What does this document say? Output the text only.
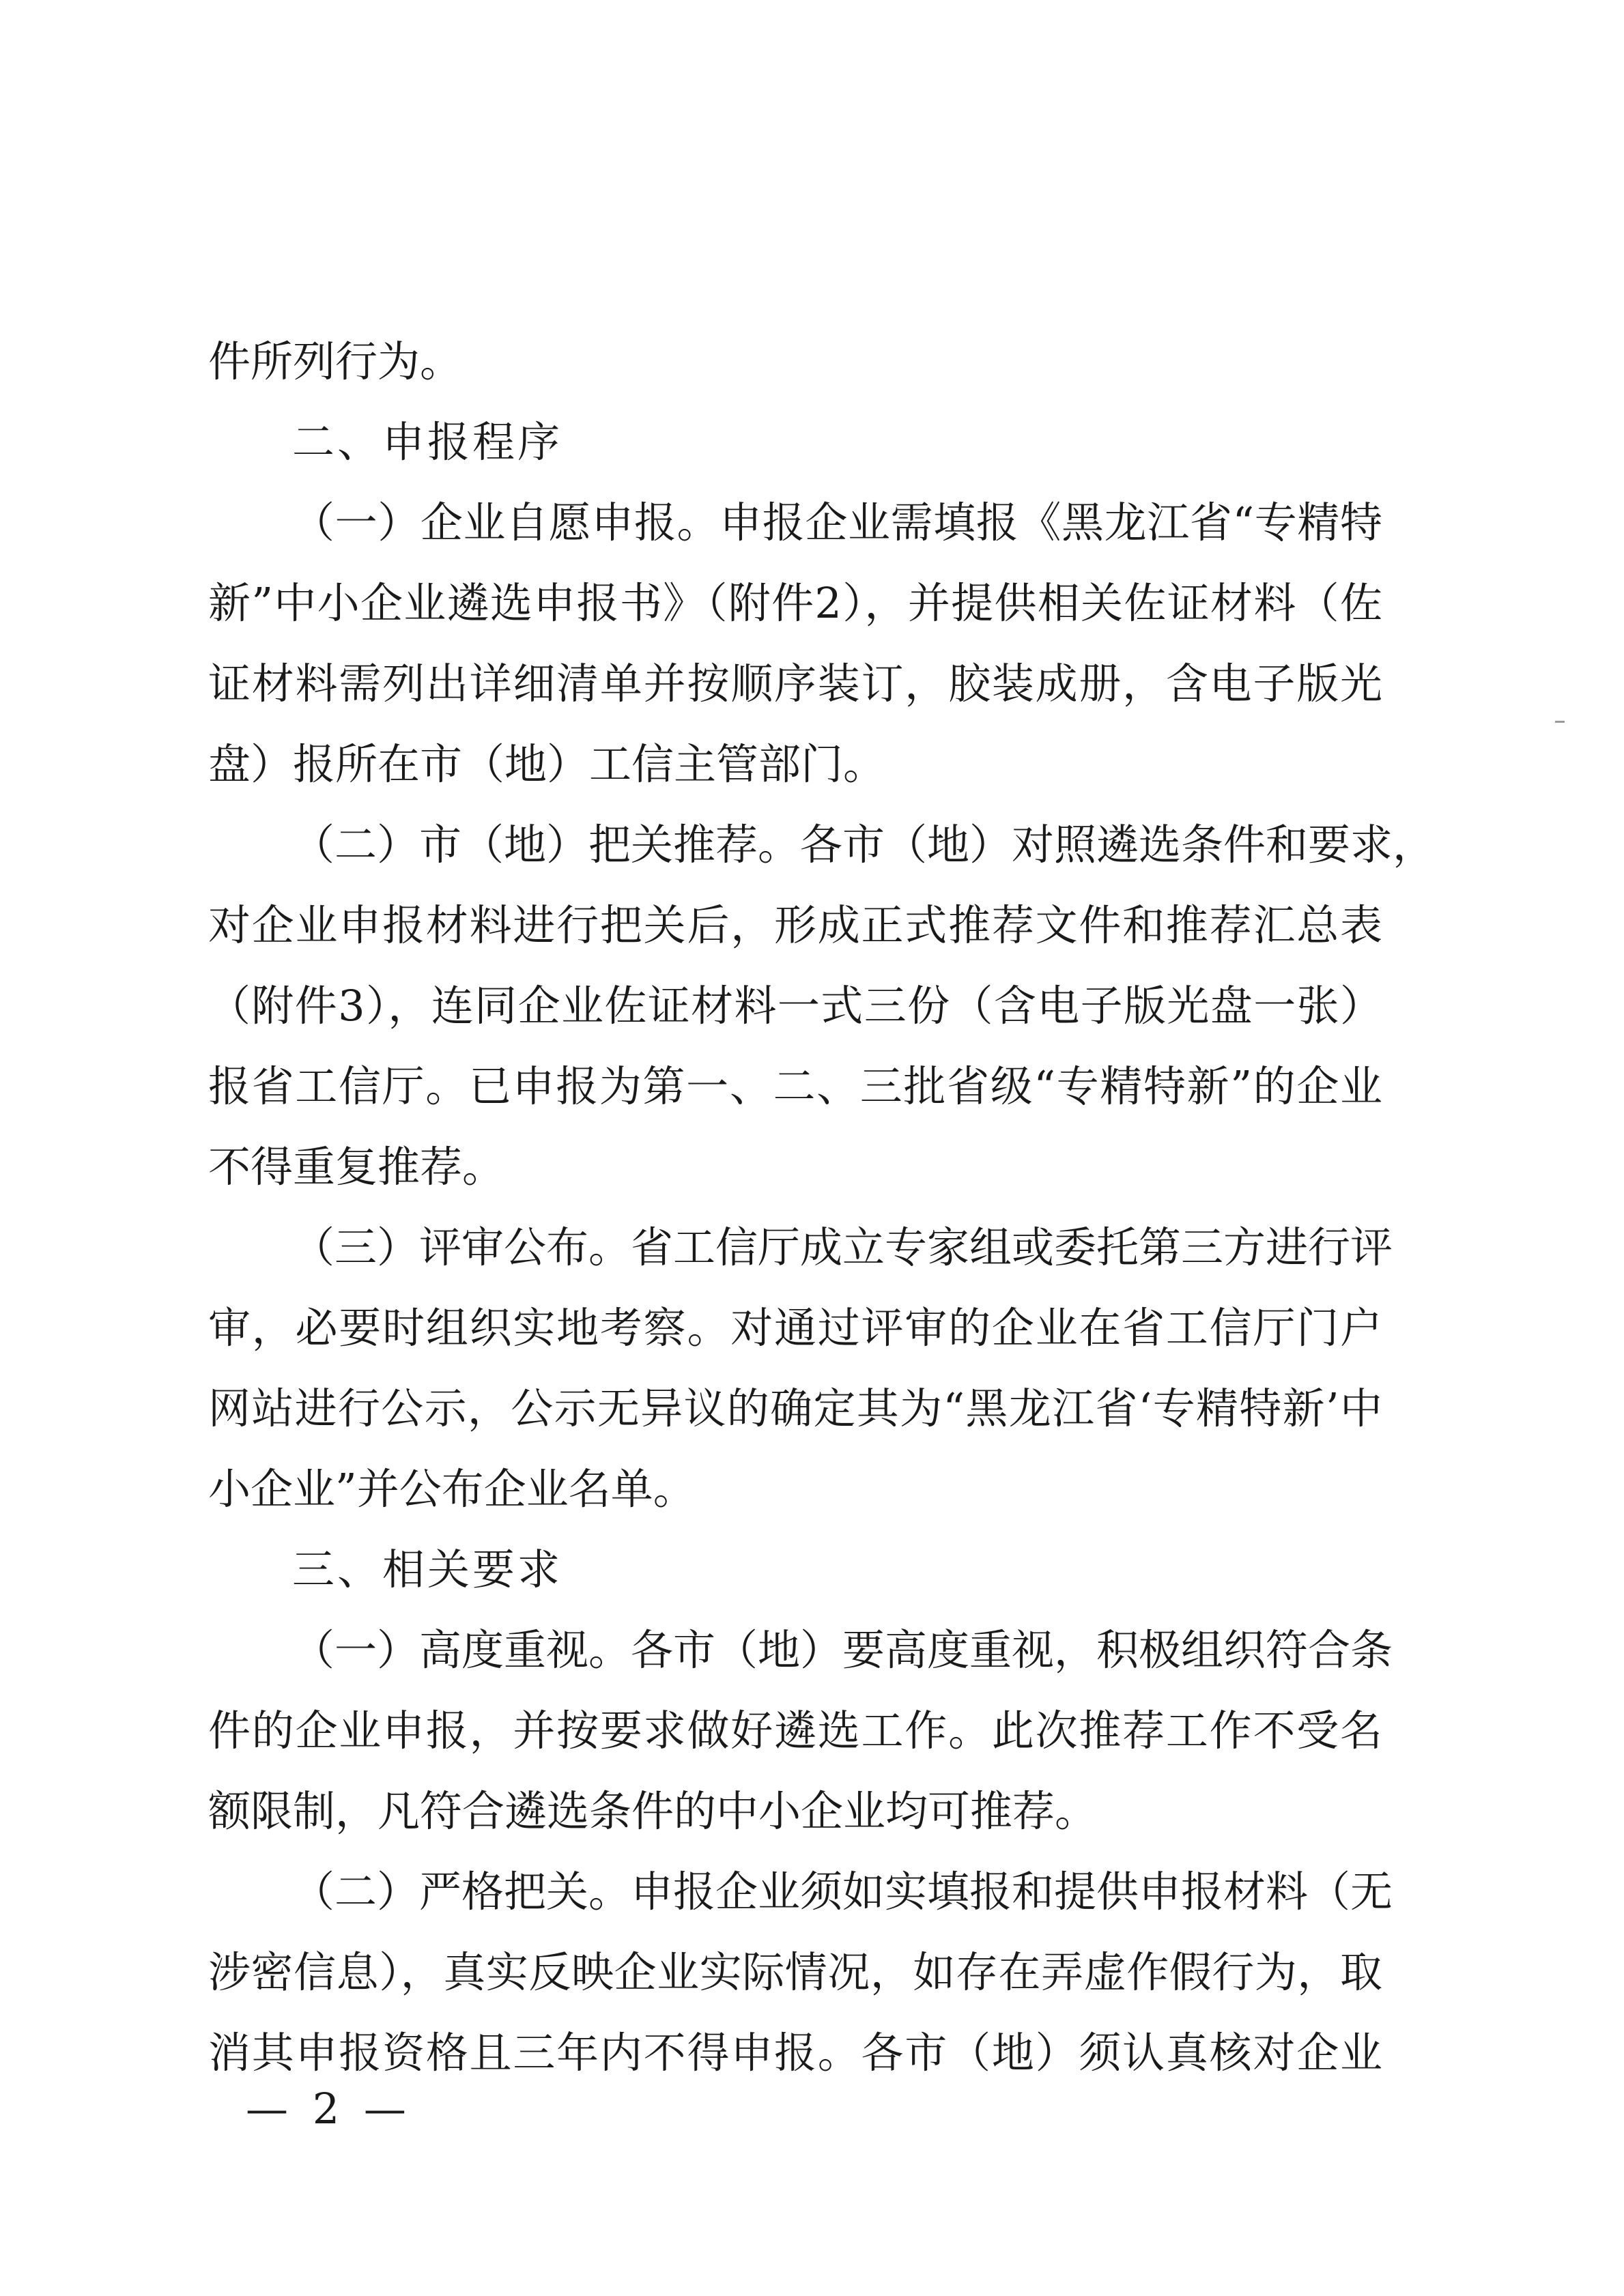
件所列行为。

二、申报程序

（一）企业自愿申报。申报企业需填报《黑龙江省“专精特

新”中小企业遴选申报书》（附件2），并提供相关佐证材料（佐

证材料需列出详细清单并按顺序装订，胶装成册，含电子版光

盘）报所在市（地）工信主管部门。

（二）市（地）把关推荐。各市（地）对照遴选条件和要求，

对企业申报材料进行把关后，形成正式推荐文件和推荐汇总表

（附件3），连同企业佐证材料一式三份（含电子版光盘一张）

报省工信厅。已申报为第一、二、三批省级“专精特新”的企业

不得重复推荐。

（三）评审公布。省工信厅成立专家组或委托第三方进行评

审，必要时组织实地考察。对通过评审的企业在省工信厅门户

网站进行公示，公示无异议的确定其为“黑龙江省‘专精特新’中

小企业”并公布企业名单。

三、相关要求

（一）高度重视。各市（地）要高度重视，积极组织符合条

件的企业申报，并按要求做好遴选工作。此次推荐工作不受名

额限制，凡符合遴选条件的中小企业均可推荐。

（二）严格把关。申报企业须如实填报和提供申报材料（无

涉密信息），真实反映企业实际情况，如存在弄虚作假行为，取

消其申报资格且三年内不得申报。各市（地）须认真核对企业

— 2 —
